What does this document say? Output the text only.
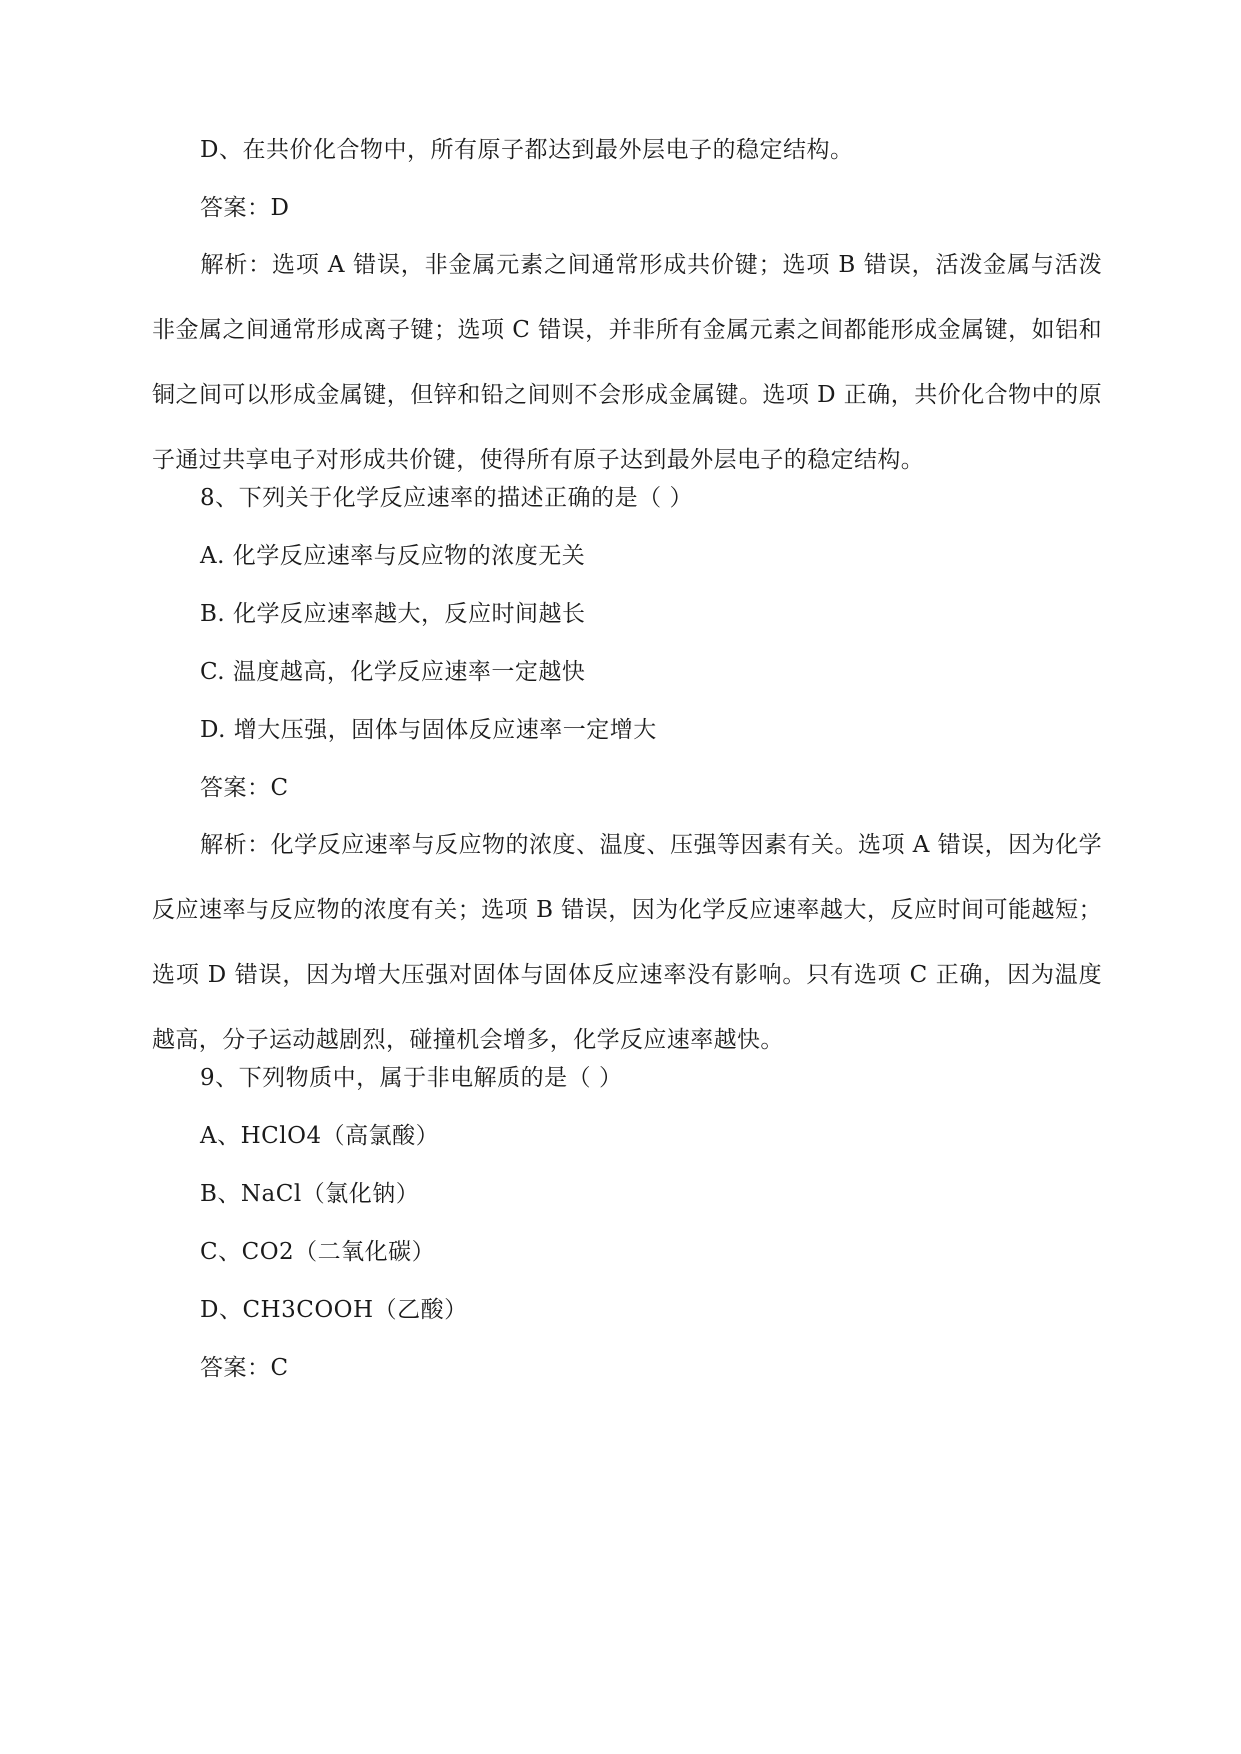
D、在共价化合物中，所有原子都达到最外层电子的稳定结构。
答案：D
解析：选项 A 错误，非金属元素之间通常形成共价键；选项 B 错误，活泼金属与活泼非金属之间通常形成离子键；选项 C 错误，并非所有金属元素之间都能形成金属键，如铝和铜之间可以形成金属键，但锌和铅之间则不会形成金属键。选项 D 正确，共价化合物中的原子通过共享电子对形成共价键，使得所有原子达到最外层电子的稳定结构。
8、下列关于化学反应速率的描述正确的是（ ）
A. 化学反应速率与反应物的浓度无关
B. 化学反应速率越大，反应时间越长
C. 温度越高，化学反应速率一定越快
D. 增大压强，固体与固体反应速率一定增大
答案：C
解析：化学反应速率与反应物的浓度、温度、压强等因素有关。选项 A 错误，因为化学反应速率与反应物的浓度有关；选项 B 错误，因为化学反应速率越大，反应时间可能越短；选项 D 错误，因为增大压强对固体与固体反应速率没有影响。只有选项 C 正确，因为温度越高，分子运动越剧烈，碰撞机会增多，化学反应速率越快。
9、下列物质中，属于非电解质的是（ ）
A、HClO4（高氯酸）
B、NaCl（氯化钠）
C、CO2（二氧化碳）
D、CH3COOH（乙酸）
答案：C
